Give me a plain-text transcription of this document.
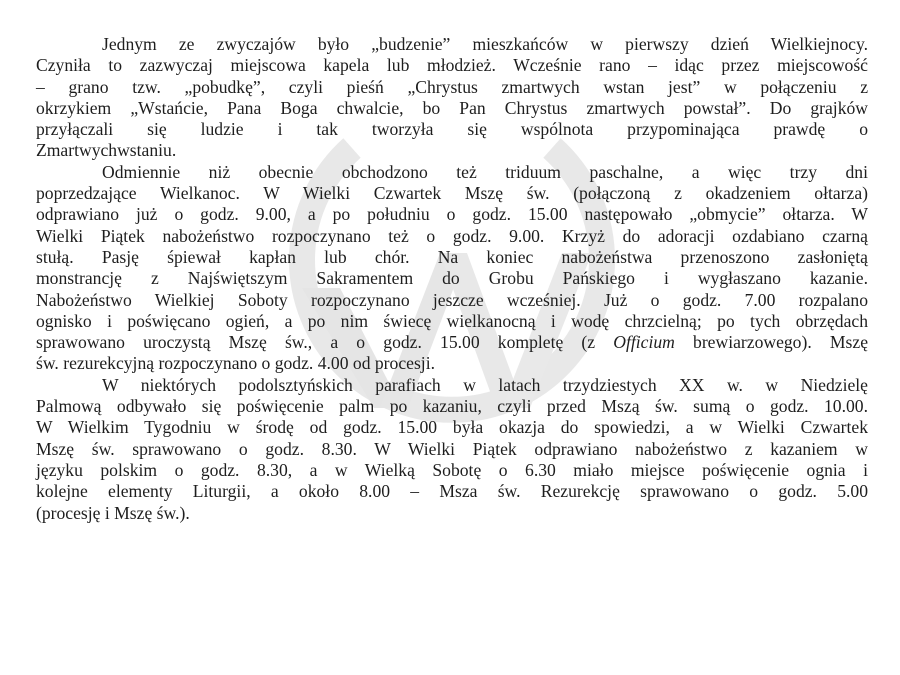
Jednym ze zwyczajów było „budzenie” mieszkańców w pierwszy dzień Wielkiejnocy.
Czyniła to zazwyczaj miejscowa kapela lub młodzież. Wcześnie rano – idąc przez miejscowość
– grano tzw. „pobudkę”, czyli pieśń „Chrystus zmartwych wstan jest” w połączeniu z
okrzykiem „Wstańcie, Pana Boga chwalcie, bo Pan Chrystus zmartwych powstał”. Do grajków
przyłączali się ludzie i tak tworzyła się wspólnota przypominająca prawdę o
Zmartwychwstaniu.

Odmiennie niż obecnie obchodzono też triduum paschalne, a więc trzy dni
poprzedzające Wielkanoc. W Wielki Czwartek Mszę św. (połączoną z okadzeniem ołtarza)
odprawiano już o godz. 9.00, a po południu o godz. 15.00 następowało „obmycie” ołtarza. W
Wielki Piątek nabożeństwo rozpoczynano też o godz. 9.00. Krzyż do adoracji ozdabiano czarną
stułą. Pasję śpiewał kapłan lub chór. Na koniec nabożeństwa przenoszono zasłoniętą
monstrancję z Najświętszym Sakramentem do Grobu Pańskiego i wygłaszano kazanie.
Nabożeństwo Wielkiej Soboty rozpoczynano jeszcze wcześniej. Już o godz. 7.00 rozpalano
ognisko i poświęcano ogień, a po nim świecę wielkanocną i wodę chrzcielną; po tych obrzędach
sprawowano uroczystą Mszę św., a o godz. 15.00 kompletę (z Officium brewiarzowego). Mszę
św. rezurekcyjną rozpoczynano o godz. 4.00 od procesji.

W niektórych podolsztyńskich parafiach w latach trzydziestych XX w. w Niedzielę
Palmową odbywało się poświęcenie palm po kazaniu, czyli przed Mszą św. sumą o godz. 10.00.
W Wielkim Tygodniu w środę od godz. 15.00 była okazja do spowiedzi, a w Wielki Czwartek
Mszę św. sprawowano o godz. 8.30. W Wielki Piątek odprawiano nabożeństwo z kazaniem w
języku polskim o godz. 8.30, a w Wielką Sobotę o 6.30 miało miejsce poświęcenie ognia i
kolejne elementy Liturgii, a około 8.00 – Msza św. Rezurekcję sprawowano o godz. 5.00
(procesję i Mszę św.).
